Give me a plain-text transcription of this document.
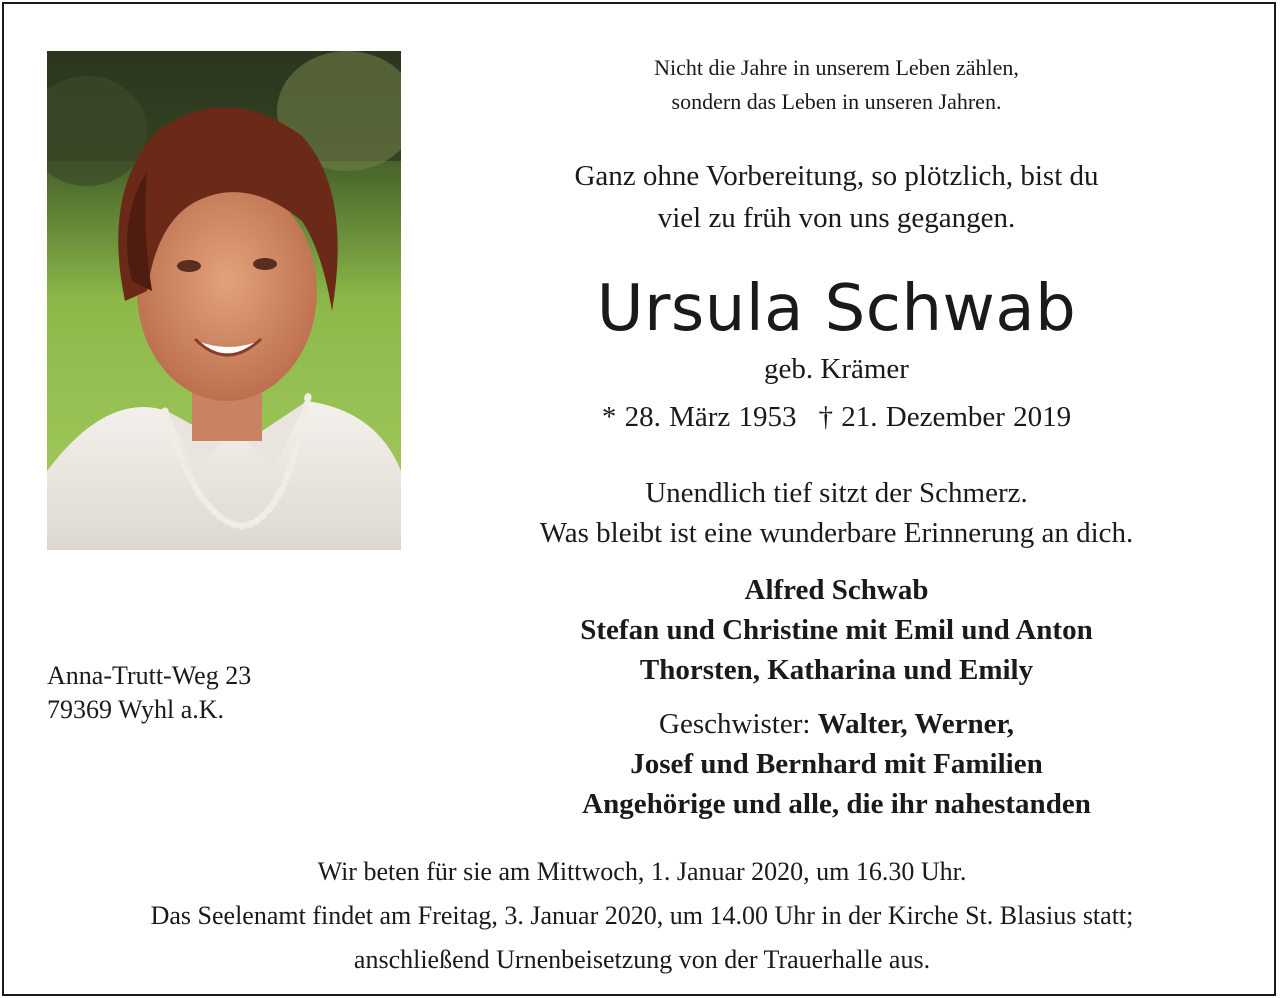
Nicht die Jahre in unserem Leben zählen,
sondern das Leben in unseren Jahren.
Ganz ohne Vorbereitung, so plötzlich, bist du
viel zu früh von uns gegangen.
Ursula Schwab
geb. Krämer
* 28. März 1953 † 21. Dezember 2019
Unendlich tief sitzt der Schmerz.
Was bleibt ist eine wunderbare Erinnerung an dich.
Alfred Schwab
Stefan und Christine mit Emil und Anton
Thorsten, Katharina und Emily
Geschwister: Walter, Werner,
Josef und Bernhard mit Familien
Angehörige und alle, die ihr nahestanden
Anna-Trutt-Weg 23
79369 Wyhl a.K.
Wir beten für sie am Mittwoch, 1. Januar 2020, um 16.30 Uhr.
Das Seelenamt findet am Freitag, 3. Januar 2020, um 14.00 Uhr in der Kirche St. Blasius statt;
anschließend Urnenbeisetzung von der Trauerhalle aus.
